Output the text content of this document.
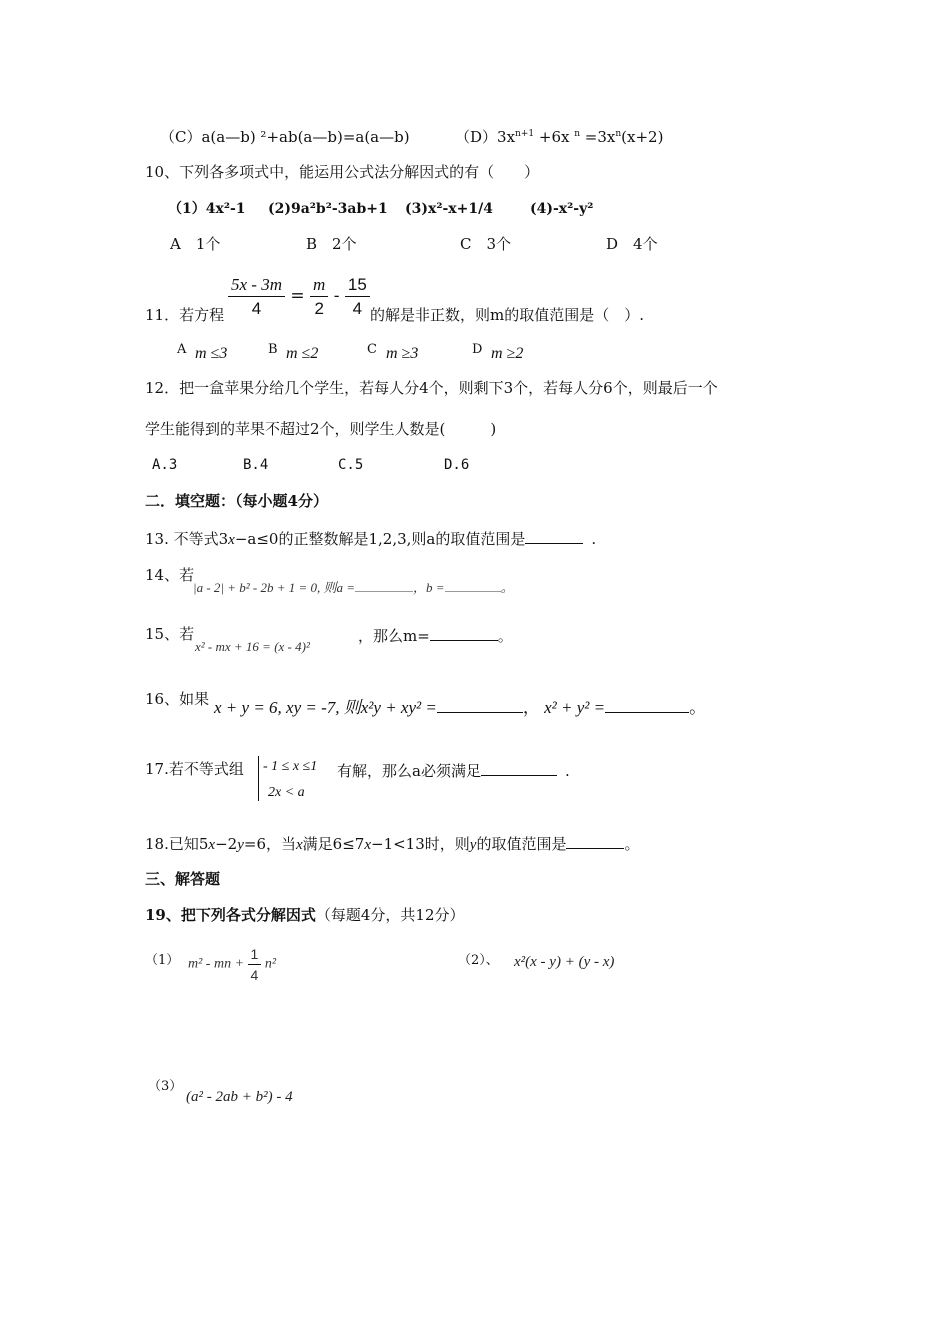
（C）a(a—b) ²+ab(a—b)=a(a—b)	$(D)3x^{n+1} +6x$ $^n =3x^n(x+2)$
10、下列各多项式中，能运用公式法分解因式的有（　　）
（1）4x²-1 (2)9a²b²-3ab+1 (3)x²-x+1/4	(4)-x²-y²
A　1个	B　2个	C　3个	D　4个
11．若方程 $\frac{5x - 3m}{4} = \frac{m}{2} - \frac{15}{4}$ 的解是非正数，则m的取值范围是（　）.
A m ≤3	B m ≤2	C m ≥3	D m ≥2
12．把一盒苹果分给几个学生，若每人分4个，则剩下3个，若每人分6个，则最后一个
学生能得到的苹果不超过2个，则学生人数是(　　　)
A.3	B.4	C.5	D.6
二．填空题：（每小题4分）
13. 不等式3x−a≤0的正整数解是1,2,3,则a的取值范围是	.
14、若
|a - 2| + b² - 2b + 1 = 0, 则a =	，b =	。
15、若
x² - mx + 16 = (x - 4)²
，那么m=	。
16、如果 x + y = 6, xy = -7, 则x²y + xy² =	， x² + y² =	。
17.若不等式组 - 1 ≤ x ≤1
2x < a
有解，那么a必须满足	.
18.已知5x−2y=6，当x满足6≤7x−1<13时，则y的取值范围是	。
三、解答题
19、把下列各式分解因式（每题4分，共12分）
（1） m² - mn + $\frac{1}{4} n^2$	（2）、 x²(x - y) + (y - x)
（3）
(a² - 2ab + b²) - 4
